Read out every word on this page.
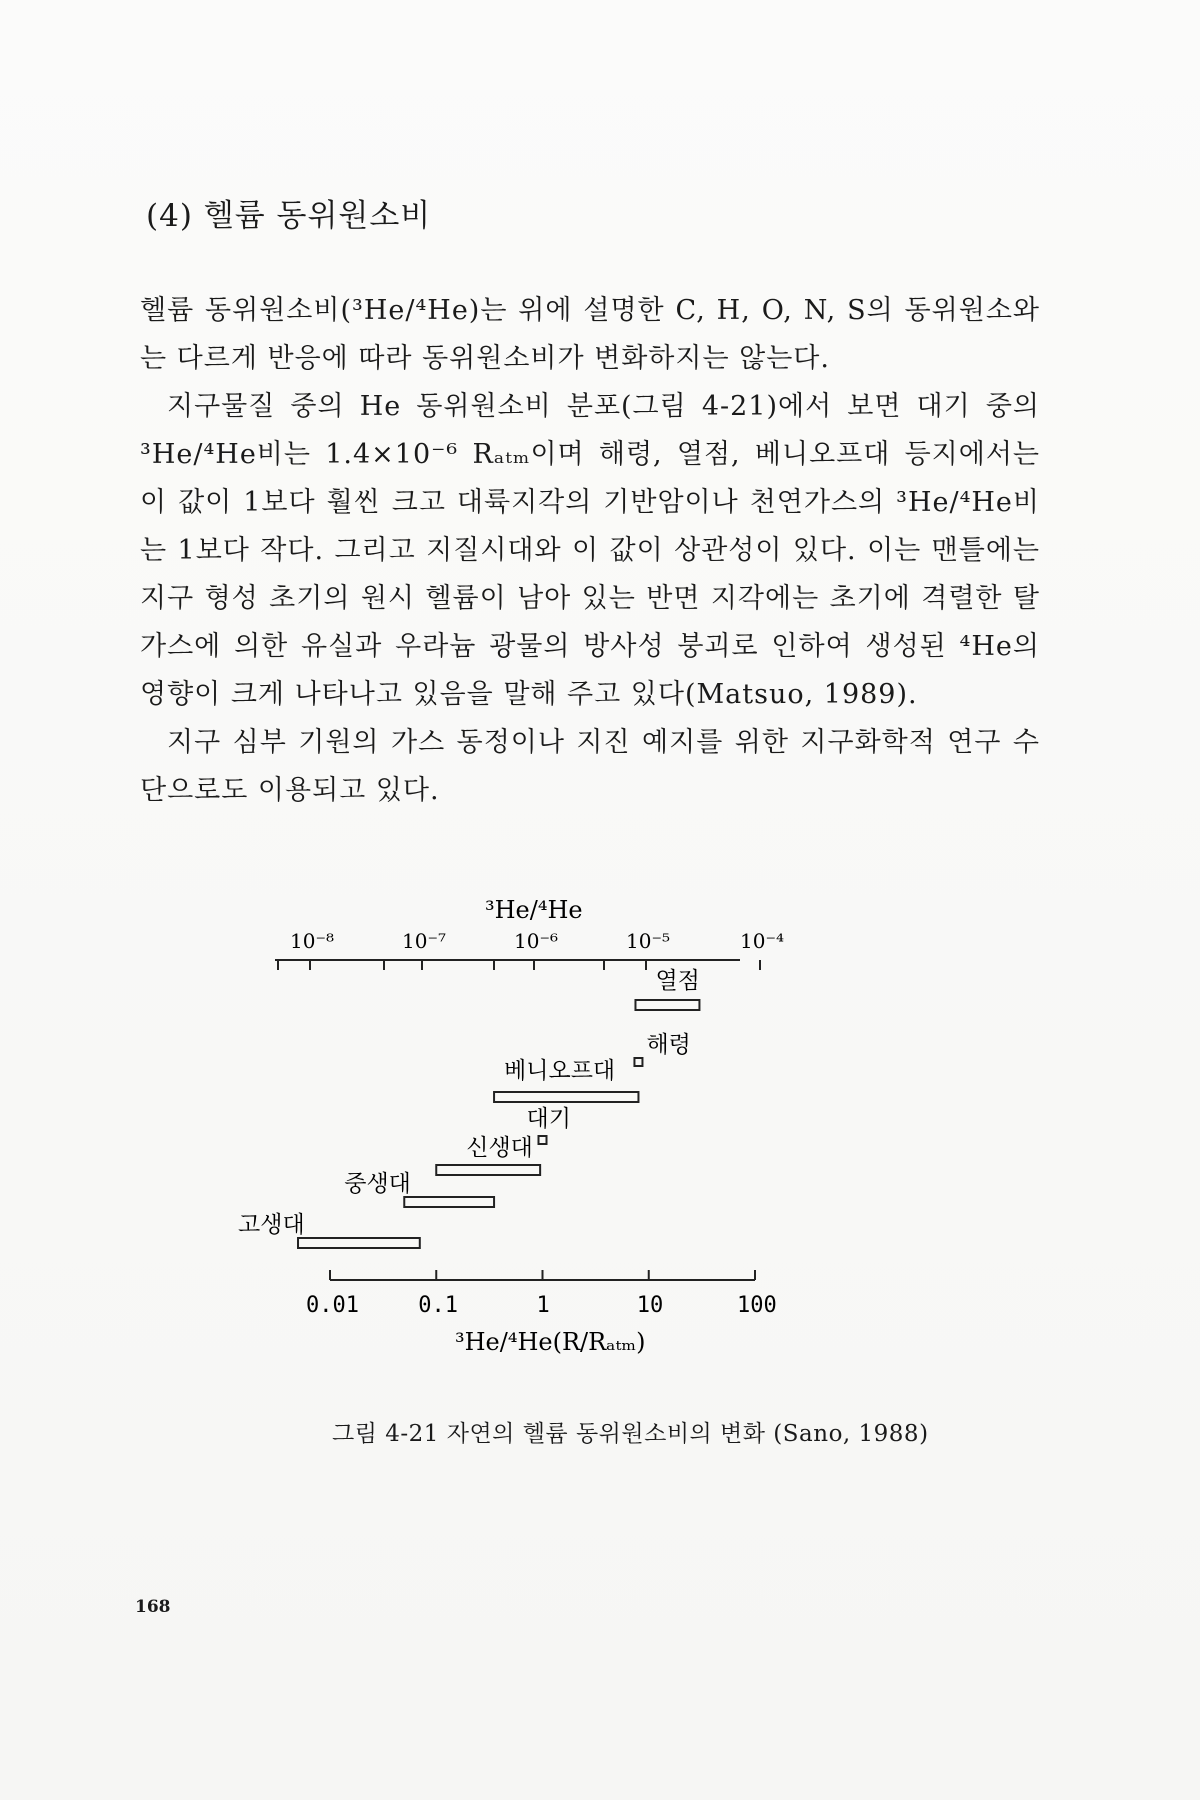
(4) 헬륨 동위원소비

헬륨 동위원소비(³He/⁴He)는 위에 설명한 C, H, O, N, S의 동위원소와는 다르게 반응에 따라 동위원소비가 변화하지는 않는다.

지구물질 중의 He 동위원소비 분포(그림 4-21)에서 보면 대기 중의 ³He/⁴He비는 1.4×10⁻⁶ Rₐₜₘ이며 해령, 열점, 베니오프대 등지에서는 이 값이 1보다 훨씬 크고 대륙지각의 기반암이나 천연가스의 ³He/⁴He비는 1보다 작다. 그리고 지질시대와 이 값이 상관성이 있다. 이는 맨틀에는 지구 형성 초기의 원시 헬륨이 남아 있는 반면 지각에는 초기에 격렬한 탈가스에 의한 유실과 우라늄 광물의 방사성 붕괴로 인하여 생성된 ⁴He의 영향이 크게 나타나고 있음을 말해 주고 있다(Matsuo, 1989).

지구 심부 기원의 가스 동정이나 지진 예지를 위한 지구화학적 연구 수단으로도 이용되고 있다.

10⁻⁸	10⁻⁷	10⁻⁶	10⁻⁵	10⁻⁴
³He/⁴He
0.01	0.1	1	10	100
³He/⁴He(R/Rₐₜₘ)
열점
해령
베니오프대
대기
신생대
중생대
고생대
그림 4-21 자연의 헬륨 동위원소비의 변화 (Sano, 1988)
168
